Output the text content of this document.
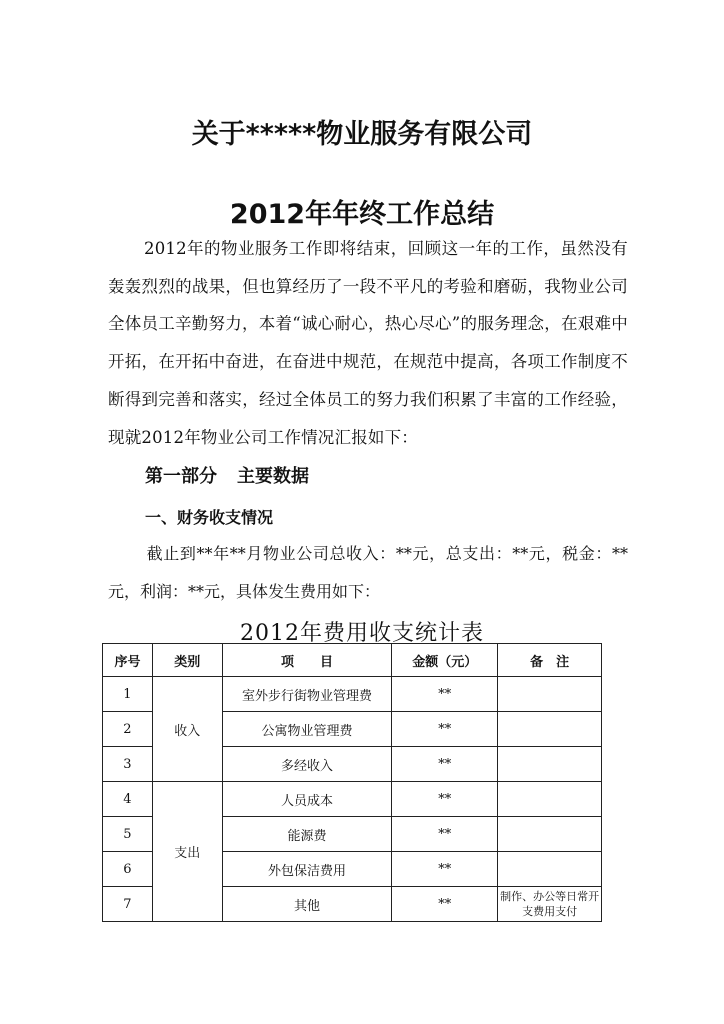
关于*****物业服务有限公司
2012年年终工作总结
2012年的物业服务工作即将结束，回顾这一年的工作，虽然没有轰轰烈烈的战果，但也算经历了一段不平凡的考验和磨砺，我物业公司全体员工辛勤努力，本着“诚心耐心，热心尽心”的服务理念，在艰难中开拓，在开拓中奋进，在奋进中规范，在规范中提高，各项工作制度不断得到完善和落实，经过全体员工的努力我们积累了丰富的工作经验，现就2012年物业公司工作情况汇报如下：
第一部分 主要数据
一、财务收支情况
截止到**年**月物业公司总收入：**元，总支出：**元，税金：**元，利润：**元，具体发生费用如下：
2012年费用收支统计表
序号	类别	项　　目	金额（元）	备　注
1	收入	室外步行街物业管理费	**	
2		公寓物业管理费	**	
3		多经收入	**	
4	支出	人员成本	**	
5		能源费	**	
6		外包保洁费用	**	
7		其他	**	制作、办公等日常开支费用支付
